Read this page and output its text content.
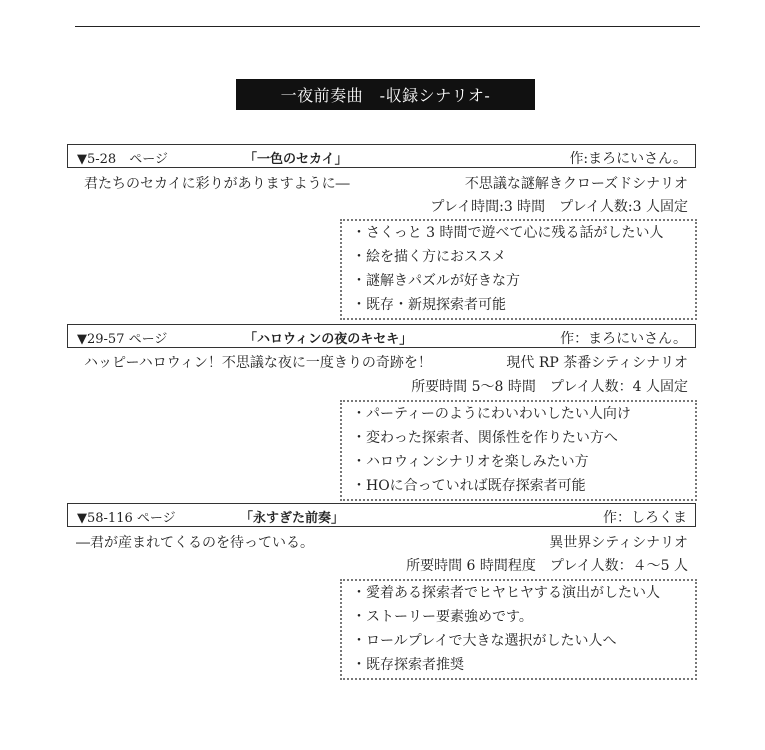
一夜前奏曲　-収録シナリオ-
▼5-28　ページ	「一色のセカイ」	作:まろにいさん。
君たちのセカイに彩りがありますように―	不思議な謎解きクローズドシナリオ
プレイ時間:3 時間　プレイ人数:3 人固定
・さくっと 3 時間で遊べて心に残る話がしたい人
・絵を描く方におススメ
・謎解きパズルが好きな方
・既存・新規探索者可能
▼29-57 ページ	「ハロウィンの夜のキセキ」	作：まろにいさん。
ハッピーハロウィン！不思議な夜に一度きりの奇跡を！	現代 RP 茶番シティシナリオ
所要時間 5～8 時間　プレイ人数：4 人固定
・パーティーのようにわいわいしたい人向け
・変わった探索者、関係性を作りたい方へ
・ハロウィンシナリオを楽しみたい方
・HOに合っていれば既存探索者可能
▼58-116 ページ	「永すぎた前奏」	作：しろくま
―君が産まれてくるのを待っている。	異世界シティシナリオ
所要時間 6 時間程度　プレイ人数：４～5 人
・愛着ある探索者でヒヤヒヤする演出がしたい人
・ストーリー要素強めです。
・ロールプレイで大きな選択がしたい人へ
・既存探索者推奨
